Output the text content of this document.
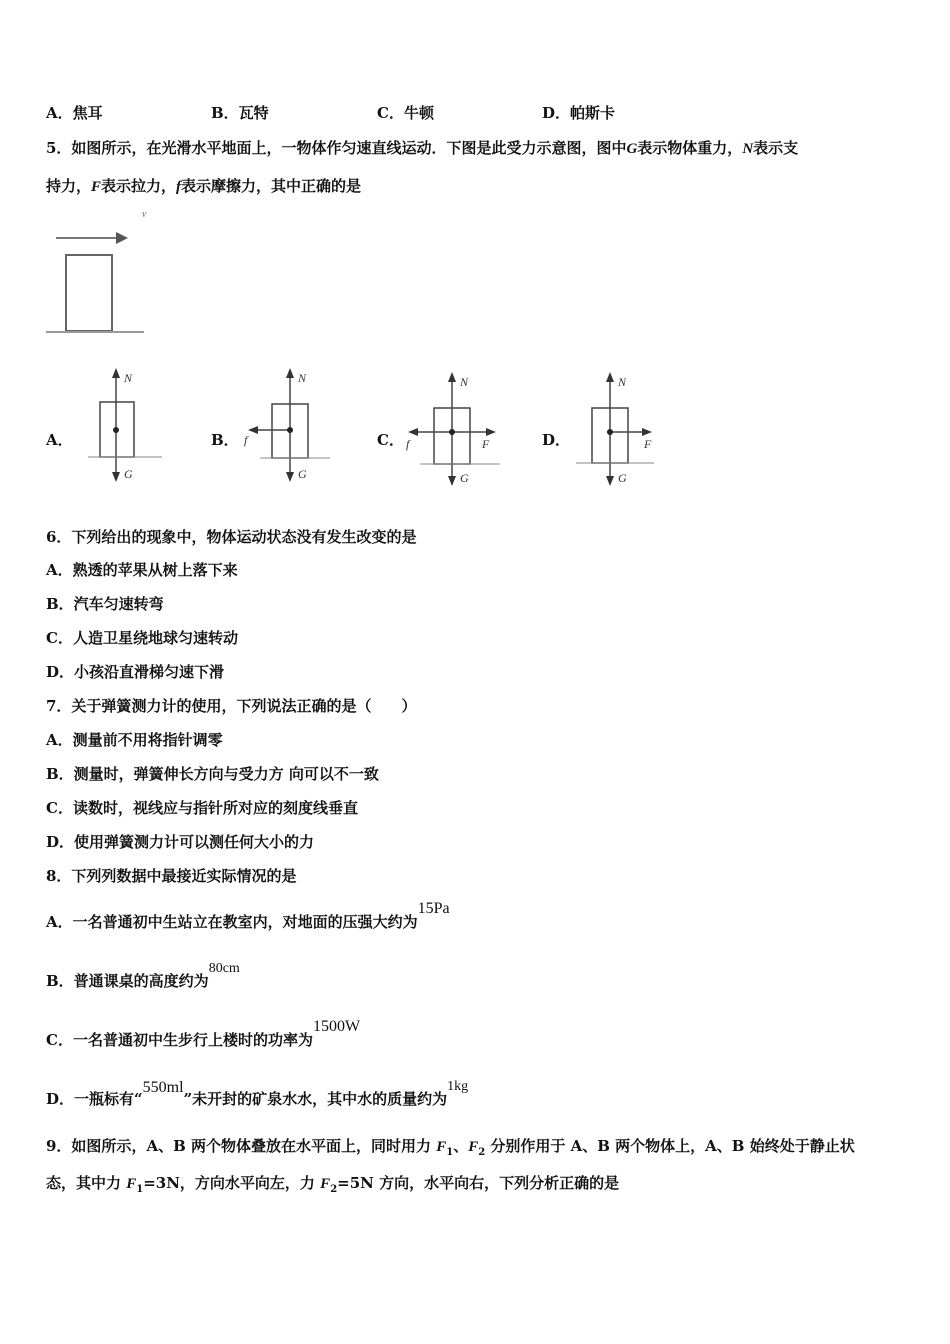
A．焦耳	B．瓦特	C．牛顿	D．帕斯卡
5．如图所示，在光滑水平地面上，一物体作匀速直线运动．下图是此受力示意图，图中G表示物体重力，N表示支
持力，F表示拉力，f表示摩擦力，其中正确的是
v
A．
N
G
B．
N
G
f	C．
N
G
f	F	D．
N
G
F
6．下列给出的现象中，物体运动状态没有发生改变的是
A．熟透的苹果从树上落下来
B．汽车匀速转弯
C．人造卫星绕地球匀速转动
D．小孩沿直滑梯匀速下滑
7．关于弹簧测力计的使用，下列说法正确的是（　　）
A．测量前不用将指针调零
B．测量时，弹簧伸长方向与受力方 向可以不一致
C．读数时，视线应与指针所对应的刻度线垂直
D．使用弹簧测力计可以测任何大小的力
8．下列列数据中最接近实际情况的是
A．一名普通初中生站立在教室内，对地面的压强大约为15Pa
B．普通课桌的高度约为80cm
C．一名普通初中生步行上楼时的功率为1500W
D．一瓶标有“550ml”未开封的矿泉水水，其中水的质量约为1kg
9．如图所示，A、B 两个物体叠放在水平面上，同时用力 $F_1$、$F_2$ 分别作用于 A、B 两个物体上，A、B 始终处于静止状
态，其中力 $F_1=3N$，方向水平向左，力 $F_2=5N$ 方向，水平向右，下列分析正确的是
